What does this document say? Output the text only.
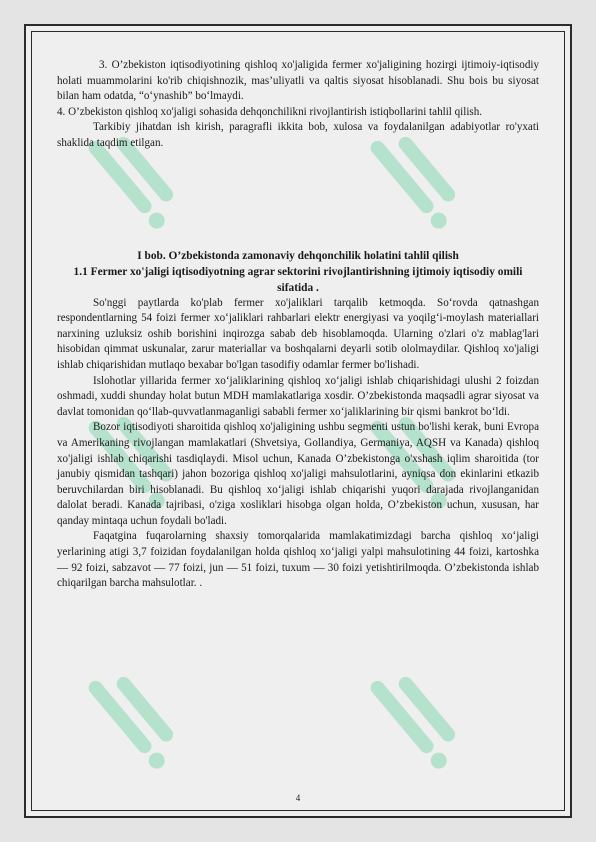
3. O’zbekiston iqtisodiyotining qishloq xo'jaligida fermer xo'jaligining hozirgi ijtimoiy-iqtisodiy holati muammolarini ko'rib chiqishnozik, mas’uliyatli va qaltis siyosat hisoblanadi. Shu bois bu siyosat bilan ham odatda, “o‘ynashib” bo‘lmaydi.

4. O’zbekiston qishloq xo'jaligi sohasida dehqonchilikni rivojlantirish istiqbollarini tahlil qilish.

Tarkibiy jihatdan ish kirish, paragrafli ikkita bob, xulosa va foydalanilgan adabiyotlar ro'yxati shaklida taqdim etilgan.

I bob. O’zbekistonda zamonaviy dehqonchilik holatini tahlil qilish
1.1 Fermer xo'jaligi iqtisodiyotning agrar sektorini rivojlantirishning ijtimoiy iqtisodiy omili sifatida .

So'nggi paytlarda ko'plab fermer xo'jaliklari tarqalib ketmoqda. So‘rovda qatnashgan respondentlarning 54 foizi fermer xo‘jaliklari rahbarlari elektr energiyasi va yoqilg‘i-moylash materiallari narxining uzluksiz oshib borishini inqirozga sabab deb hisoblamoqda. Ularning o'zlari o'z mablag'lari hisobidan qimmat uskunalar, zarur materiallar va boshqalarni deyarli sotib ololmaydilar. Qishloq xo'jaligi ishlab chiqarishidan mutlaqo bexabar bo'lgan tasodifiy odamlar fermer bo'lishadi.

Islohotlar yillarida fermer xo‘jaliklarining qishloq xo‘jaligi ishlab chiqarishidagi ulushi 2 foizdan oshmadi, xuddi shunday holat butun MDH mamlakatlariga xosdir. O’zbekistonda maqsadli agrar siyosat va davlat tomonidan qo‘llab-quvvatlanmaganligi sababli fermer xo‘jaliklarining bir qismi bankrot bo‘ldi.

Bozor iqtisodiyoti sharoitida qishloq xo'jaligining ushbu segmenti ustun bo'lishi kerak, buni Evropa va Amerikaning rivojlangan mamlakatlari (Shvetsiya, Gollandiya, Germaniya, AQSH va Kanada) qishloq xo'jaligi ishlab chiqarishi tasdiqlaydi. Misol uchun, Kanada O’zbekistonga o'xshash iqlim sharoitida (tor janubiy qismidan tashqari) jahon bozoriga qishloq xo'jaligi mahsulotlarini, ayniqsa don ekinlarini etkazib beruvchilardan biri hisoblanadi. Bu qishloq xo‘jaligi ishlab chiqarishi yuqori darajada rivojlanganidan dalolat beradi. Kanada tajribasi, o'ziga xosliklari hisobga olgan holda, O’zbekiston uchun, xususan, har qanday mintaqa uchun foydali bo'ladi.

Faqatgina fuqarolarning shaxsiy tomorqalarida mamlakatimizdagi barcha qishloq xo‘jaligi yerlarining atigi 3,7 foizidan foydalanilgan holda qishloq xo‘jaligi yalpi mahsulotining 44 foizi, kartoshka — 92 foizi, sabzavot — 77 foizi, jun — 51 foizi, tuxum — 30 foizi yetishtirilmoqda. O’zbekistonda ishlab chiqarilgan barcha mahsulotlar. .

4
